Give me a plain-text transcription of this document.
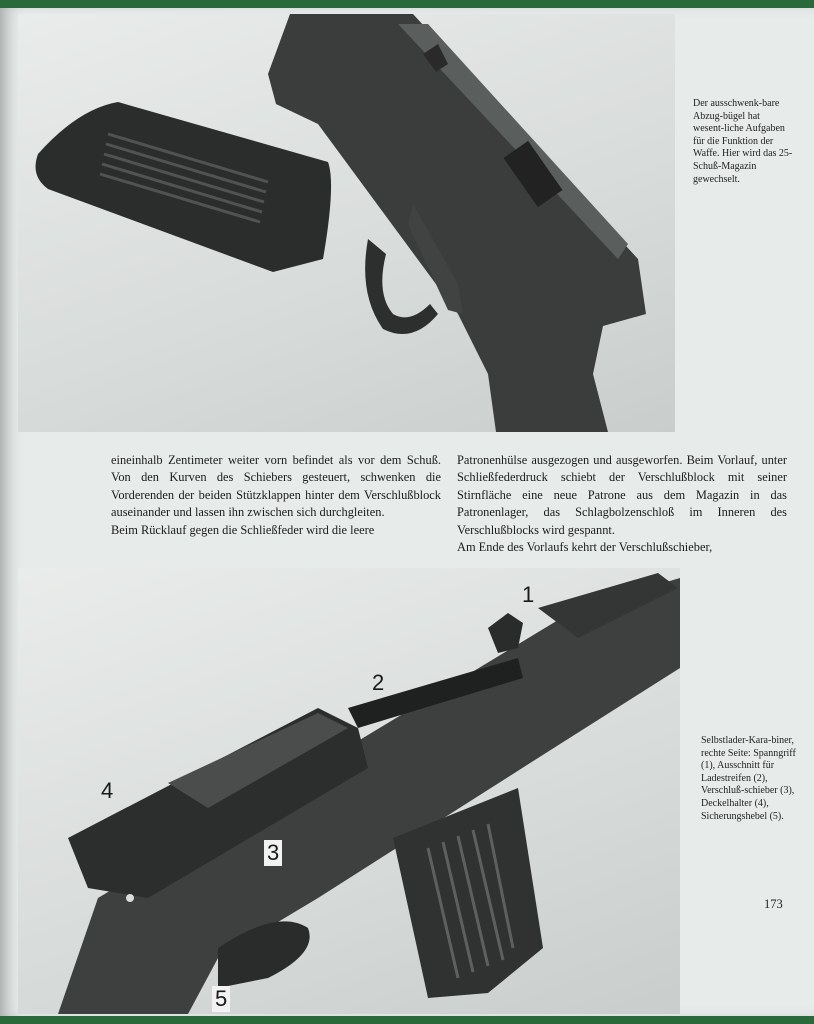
Der ausschwenk-bare Abzug-bügel hat wesent-liche Aufgaben für die Funktion der Waffe. Hier wird das 25-Schuß-Magazin gewechselt.

eineinhalb Zentimeter weiter vorn befindet als vor dem Schuß. Von den Kurven des Schiebers gesteuert, schwenken die Vorderenden der beiden Stützklappen hinter dem Verschlußblock auseinander und lassen ihn zwischen sich durchgleiten.

Beim Rücklauf gegen die Schließfeder wird die leere

Patronenhülse ausgezogen und ausgeworfen. Beim Vorlauf, unter Schließfederdruck schiebt der Verschlußblock mit seiner Stirnfläche eine neue Patrone aus dem Magazin in das Patronenlager, das Schlagbolzenschloß im Inneren des Verschlußblocks wird gespannt.

Am Ende des Vorlaufs kehrt der Verschlußschieber,

1
2
3
4
5
Selbstlader-Kara-biner, rechte Seite: Spanngriff (1), Ausschnitt für Ladestreifen (2), Verschluß-schieber (3), Deckelhalter (4), Sicherungshebel (5).
173
